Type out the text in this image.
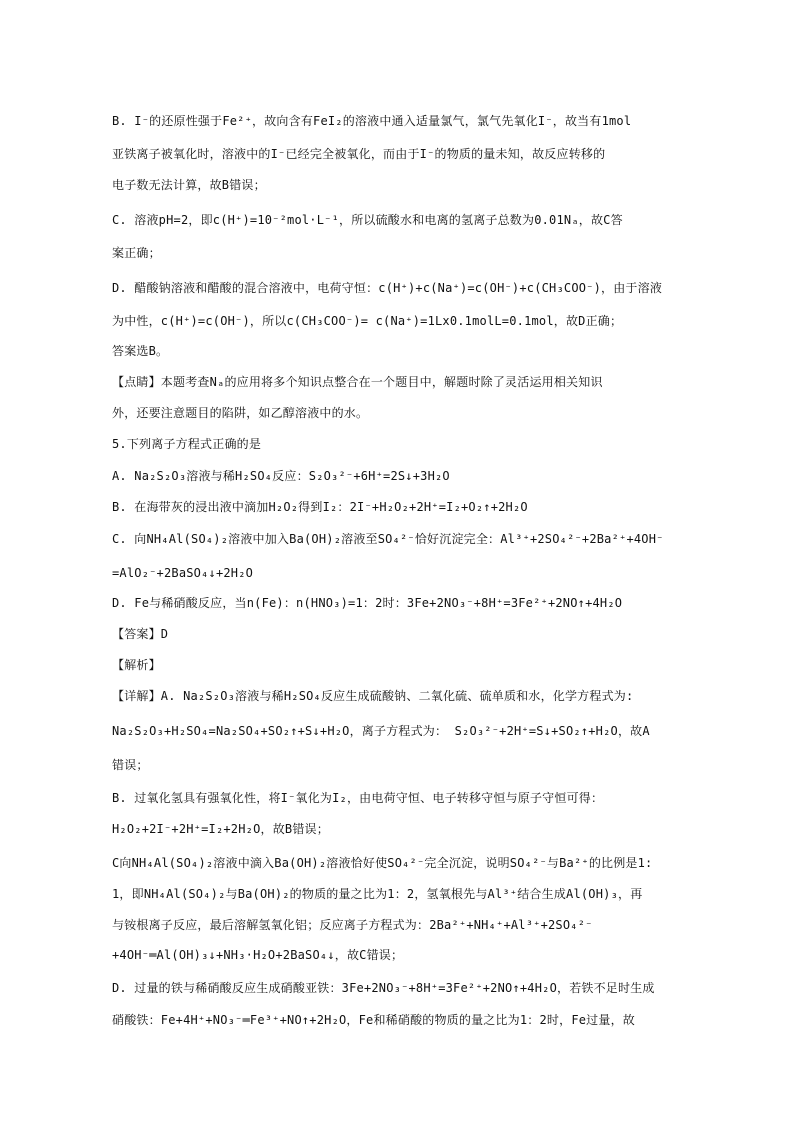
B. I⁻的还原性强于Fe²⁺，故向含有FeI₂的溶液中通入适量氯气，氯气先氧化I⁻，故当有1mol
亚铁离子被氧化时，溶液中的I⁻已经完全被氧化，而由于I⁻的物质的量未知，故反应转移的
电子数无法计算，故B错误；
C. 溶液pH=2，即c(H⁺)=10⁻²mol·L⁻¹，所以硫酸水和电离的氢离子总数为0.01Nₐ，故C答
案正确；
D. 醋酸钠溶液和醋酸的混合溶液中，电荷守恒：c(H⁺)+c(Na⁺)=c(OH⁻)+c(CH₃COO⁻)，由于溶液
为中性，c(H⁺)=c(OH⁻)，所以c(CH₃COO⁻)= c(Na⁺)=1Lx0.1molL=0.1mol，故D正确；
答案选B。
【点睛】本题考查Nₐ的应用将多个知识点整合在一个题目中，解题时除了灵活运用相关知识
外，还要注意题目的陷阱，如乙醇溶液中的水。
5.下列离子方程式正确的是
A. Na₂S₂O₃溶液与稀H₂SO₄反应：S₂O₃²⁻+6H⁺=2S↓+3H₂O
B. 在海带灰的浸出液中滴加H₂O₂得到I₂：2I⁻+H₂O₂+2H⁺=I₂+O₂↑+2H₂O
C. 向NH₄Al(SO₄)₂溶液中加入Ba(OH)₂溶液至SO₄²⁻恰好沉淀完全：Al³⁺+2SO₄²⁻+2Ba²⁺+4OH⁻
=AlO₂⁻+2BaSO₄↓+2H₂O
D. Fe与稀硝酸反应，当n(Fe)：n(HNO₃)=1：2时：3Fe+2NO₃⁻+8H⁺=3Fe²⁺+2NO↑+4H₂O
【答案】D
【解析】
【详解】A. Na₂S₂O₃溶液与稀H₂SO₄反应生成硫酸钠、二氧化硫、硫单质和水，化学方程式为:
Na₂S₂O₃+H₂SO₄=Na₂SO₄+SO₂↑+S↓+H₂O，离子方程式为： S₂O₃²⁻+2H⁺=S↓+SO₂↑+H₂O，故A
错误；
B. 过氧化氢具有强氧化性，将I⁻氧化为I₂，由电荷守恒、电子转移守恒与原子守恒可得：
H₂O₂+2I⁻+2H⁺=I₂+2H₂O，故B错误；
C向NH₄Al(SO₄)₂溶液中滴入Ba(OH)₂溶液恰好使SO₄²⁻完全沉淀，说明SO₄²⁻与Ba²⁺的比例是1:
1，即NH₄Al(SO₄)₂与Ba(OH)₂的物质的量之比为1：2，氢氧根先与Al³⁺结合生成Al(OH)₃，再
与铵根离子反应，最后溶解氢氧化铝；反应离子方程式为：2Ba²⁺+NH₄⁺+Al³⁺+2SO₄²⁻
+4OH⁻═Al(OH)₃↓+NH₃·H₂O+2BaSO₄↓，故C错误；
D. 过量的铁与稀硝酸反应生成硝酸亚铁：3Fe+2NO₃⁻+8H⁺=3Fe²⁺+2NO↑+4H₂O，若铁不足时生成
硝酸铁：Fe+4H⁺+NO₃⁻═Fe³⁺+NO↑+2H₂O，Fe和稀硝酸的物质的量之比为1：2时，Fe过量，故
